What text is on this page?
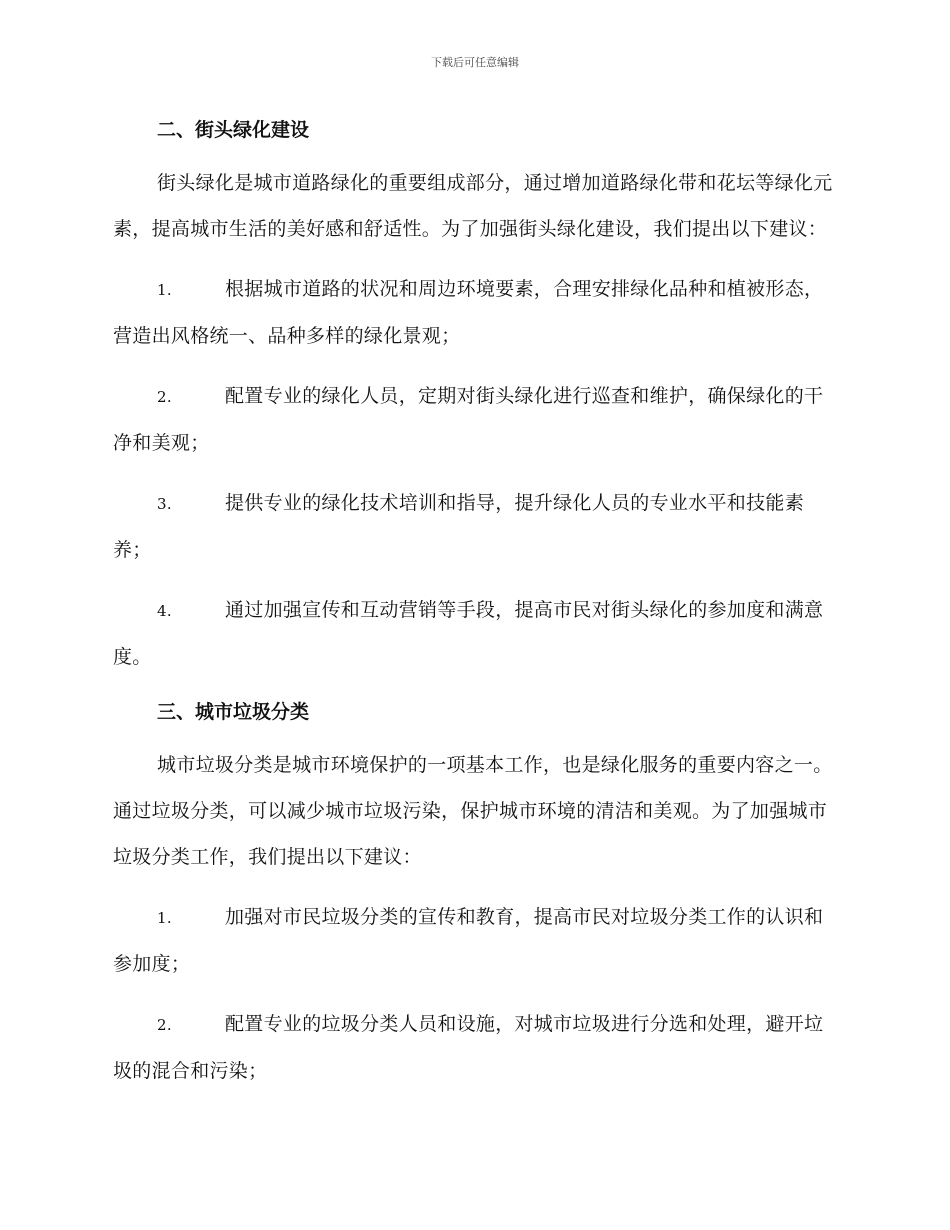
下载后可任意编辑
二、街头绿化建设

街头绿化是城市道路绿化的重要组成部分，通过增加道路绿化带和花坛等绿化元素，提高城市生活的美好感和舒适性。为了加强街头绿化建设，我们提出以下建议：

1.	根据城市道路的状况和周边环境要素，合理安排绿化品种和植被形态，营造出风格统一、品种多样的绿化景观；

2.	配置专业的绿化人员，定期对街头绿化进行巡查和维护，确保绿化的干净和美观；

3.	提供专业的绿化技术培训和指导，提升绿化人员的专业水平和技能素养；

4.	通过加强宣传和互动营销等手段，提高市民对街头绿化的参加度和满意度。

三、城市垃圾分类

城市垃圾分类是城市环境保护的一项基本工作，也是绿化服务的重要内容之一。通过垃圾分类，可以减少城市垃圾污染，保护城市环境的清洁和美观。为了加强城市垃圾分类工作，我们提出以下建议：

1.	加强对市民垃圾分类的宣传和教育，提高市民对垃圾分类工作的认识和参加度；

2.	配置专业的垃圾分类人员和设施，对城市垃圾进行分选和处理，避开垃圾的混合和污染；
